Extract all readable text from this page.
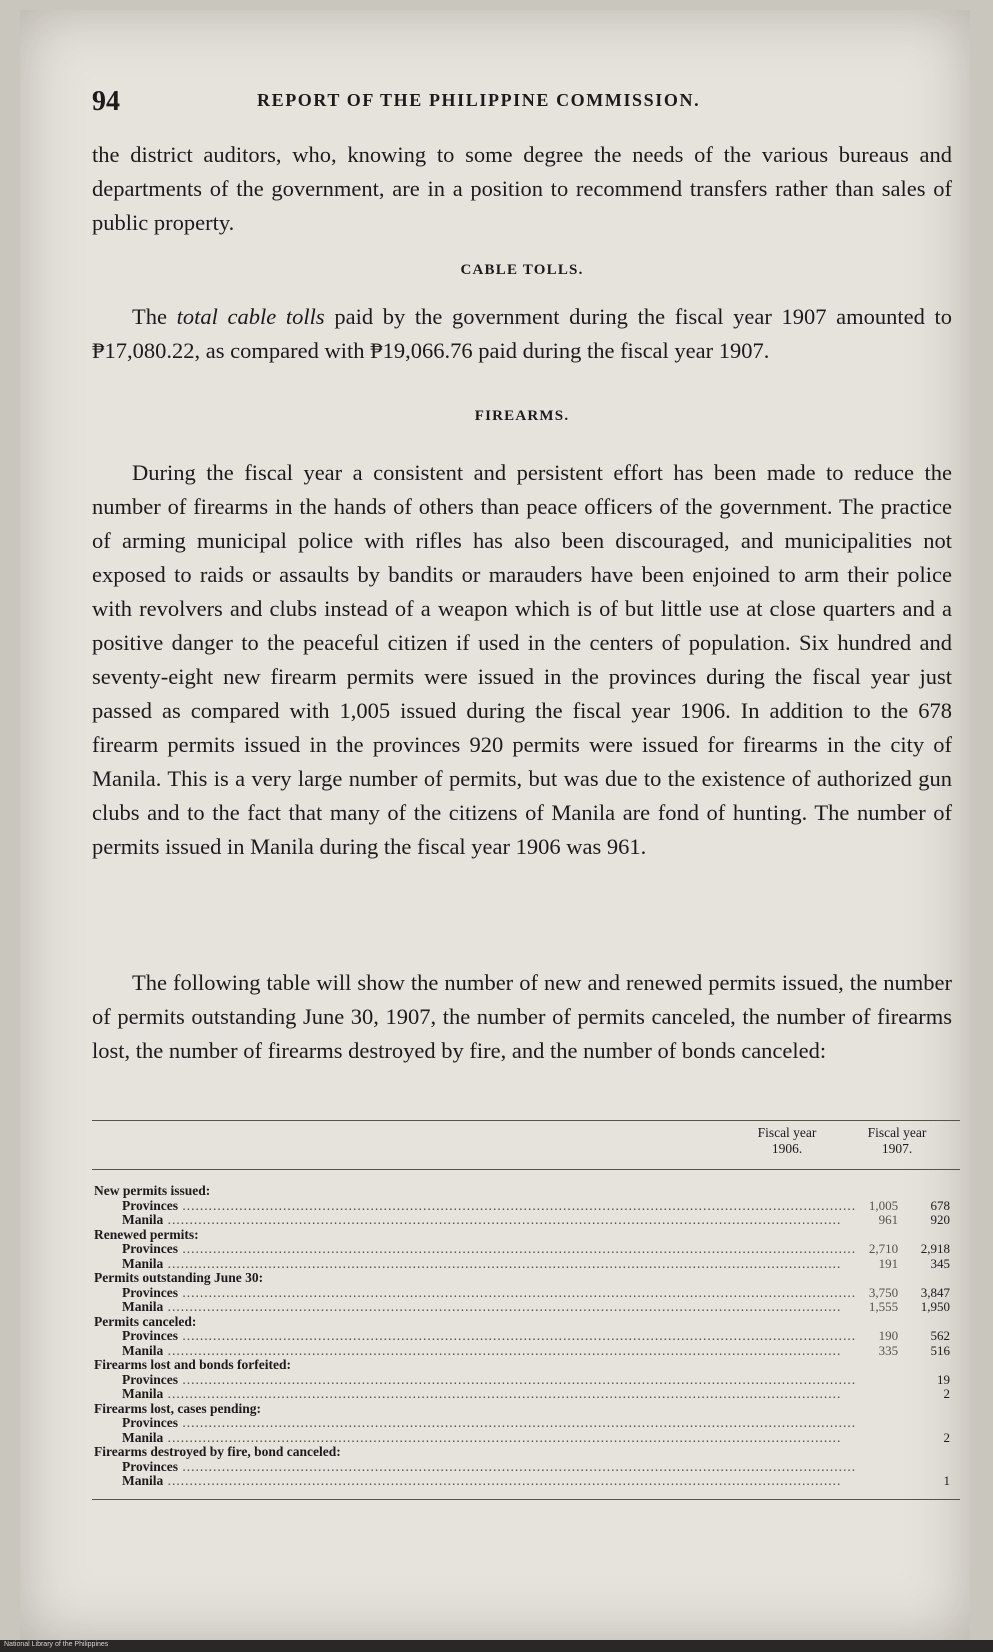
94	REPORT OF THE PHILIPPINE COMMISSION.

the district auditors, who, knowing to some degree the needs of the various bureaus and departments of the government, are in a position to recommend transfers rather than sales of public property.

CABLE TOLLS.

The total cable tolls paid by the government during the fiscal year 1907 amounted to ₱17,080.22, as compared with ₱19,066.76 paid during the fiscal year 1907.

FIREARMS.

During the fiscal year a consistent and persistent effort has been made to reduce the number of firearms in the hands of others than peace officers of the government. The practice of arming municipal police with rifles has also been discouraged, and municipalities not exposed to raids or assaults by bandits or marauders have been enjoined to arm their police with revolvers and clubs instead of a weapon which is of but little use at close quarters and a positive danger to the peaceful citizen if used in the centers of population. Six hundred and seventy-eight new firearm permits were issued in the provinces during the fiscal year just passed as compared with 1,005 issued during the fiscal year 1906. In addition to the 678 firearm permits issued in the provinces 920 permits were issued for firearms in the city of Manila. This is a very large number of permits, but was due to the existence of authorized gun clubs and to the fact that many of the citizens of Manila are fond of hunting. The number of permits issued in Manila during the fiscal year 1906 was 961.

The following table will show the number of new and renewed permits issued, the number of permits outstanding June 30, 1907, the number of permits canceled, the number of firearms lost, the number of firearms destroyed by fire, and the number of bonds canceled:

Fiscal year
1906.
Fiscal year
1907.

New permits issued:		
Provinces .....	1,005	678
Manila .....	961	920
Renewed permits:		
Provinces .....	2,710	2,918
Manila .....	191	345
Permits outstanding June 30:		
Provinces .....	3,750	3,847
Manila .....	1,555	1,950
Permits canceled:		
Provinces .....	190	562
Manila .....	335	516
Firearms lost and bonds forfeited:		
Provinces .....		19
Manila .....		2
Firearms lost, cases pending:		
Provinces .....		
Manila .....		2
Firearms destroyed by fire, bond canceled:		
Provinces .....		
Manila .....		1
National Library of the Philippines
